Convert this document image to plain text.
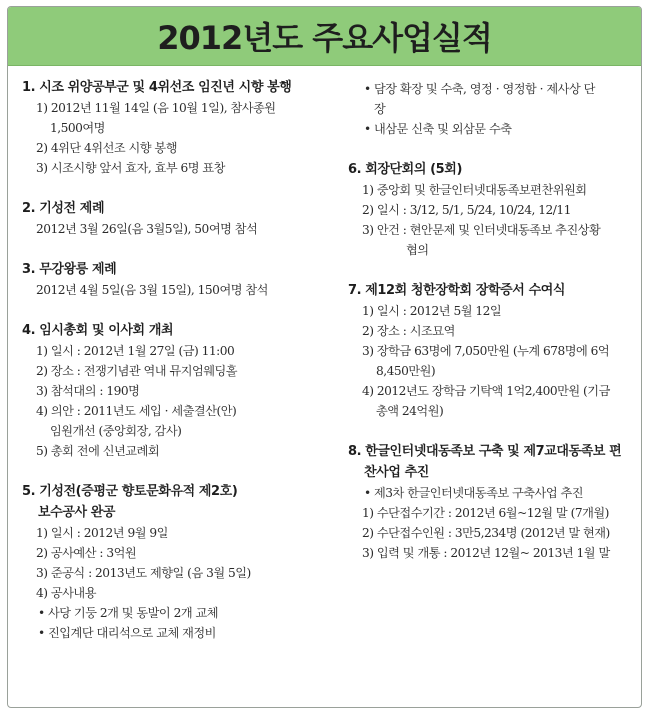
2012년도 주요사업실적
1. 시조 위양공부군 및 4위선조 임진년 시향 봉행
1) 2012년 11월 14일 (음 10월 1일), 참사종원
1,500여명
2) 4위단 4위선조 시향 봉행
3) 시조시향 앞서 효자, 효부 6명 표창
2. 기성전 제례
2012년 3월 26일(음 3월5일), 50여명 참석
3. 무강왕릉 제례
2012년 4월 5일(음 3월 15일), 150여명 참석
4. 임시총회 및 이사회 개최
1) 일시 : 2012년 1월 27일 (금) 11:00
2) 장소 : 전쟁기념관 역내 뮤지엄웨딩홀
3) 참석대의 : 190명
4) 의안 : 2011년도 세입 · 세출결산(안)
임원개선 (중앙회장, 감사)
5) 총회 전에 신년교례회
5. 기성전(증평군 향토문화유적 제2호)
보수공사 완공
1) 일시 : 2012년 9월 9일
2) 공사예산 : 3억원
3) 준공식 : 2013년도 제향일 (음 3월 5일)
4) 공사내용
• 사당 기둥 2개 및 동발이 2개 교체
• 진입계단 대리석으로 교체 재정비
• 담장 확장 및 수축, 영정 · 영정함 · 제사상 단
장
• 내삼문 신축 및 외삼문 수축
6. 회장단회의 (5회)
1) 중앙회 및 한글인터넷대동족보편찬위원회
2) 일시 : 3/12, 5/1, 5/24, 10/24, 12/11
3) 안건 : 현안문제 및 인터넷대동족보 추진상황
협의
7. 제12회 청한장학회 장학증서 수여식
1) 일시 : 2012년 5월 12일
2) 장소 : 시조묘역
3) 장학금 63명에 7,050만원 (누계 678명에 6억
8,450만원)
4) 2012년도 장학금 기탁액 1억2,400만원 (기금
총액 24억원)
8. 한글인터넷대동족보 구축 및 제7교대동족보 편
찬사업 추진
• 제3차 한글인터넷대동족보 구축사업 추진
1) 수단접수기간 : 2012년 6월~12월 말 (7개월)
2) 수단접수인원 : 3만5,234명 (2012년 말 현재)
3) 입력 및 개통 : 2012년 12월~ 2013년 1월 말
